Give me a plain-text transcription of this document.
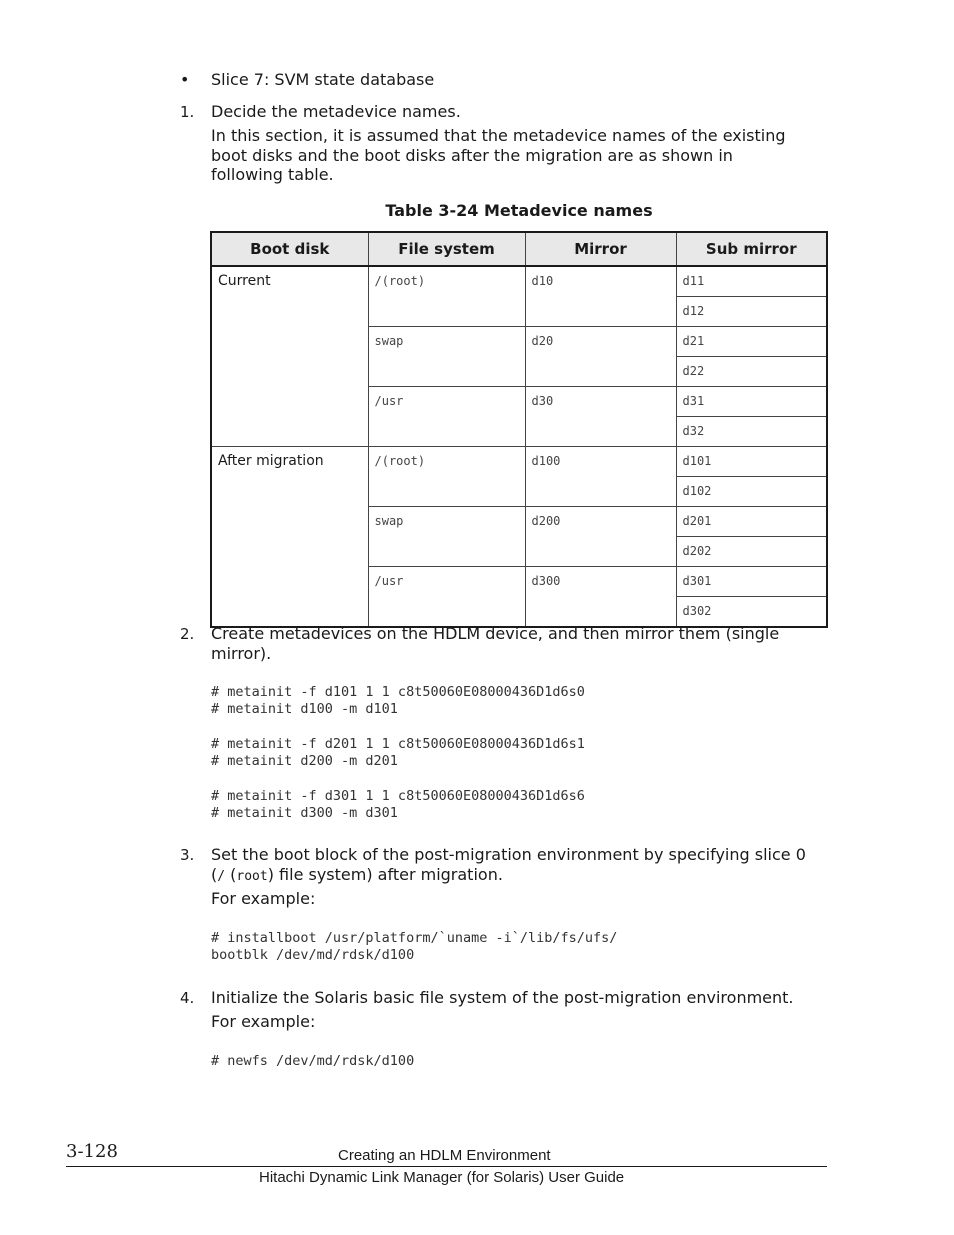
• Slice 7: SVM state database
1. Decide the metadevice names.
In this section, it is assumed that the metadevice names of the existing
boot disks and the boot disks after the migration are as shown in
following table.
Table 3-24 Metadevice names
Boot disk	File system	Mirror	Sub mirror
Current	/(root)	d10	d11
			d12
	swap	d20	d21
			d22
	/usr	d30	d31
			d32
After migration	/(root)	d100	d101
			d102
	swap	d200	d201
			d202
	/usr	d300	d301
			d302
2. Create metadevices on the HDLM device, and then mirror them (single
mirror).
# metainit -f d101 1 1 c8t50060E08000436D1d6s0
# metainit d100 -m d101

# metainit -f d201 1 1 c8t50060E08000436D1d6s1
# metainit d200 -m d201

# metainit -f d301 1 1 c8t50060E08000436D1d6s6
# metainit d300 -m d301
3. Set the boot block of the post-migration environment by specifying slice 0
(/ (root) file system) after migration.
For example:
# installboot /usr/platform/`uname -i`/lib/fs/ufs/
bootblk /dev/md/rdsk/d100
4. Initialize the Solaris basic file system of the post-migration environment.
For example:
# newfs /dev/md/rdsk/d100
3-128	Creating an HDLM Environment
Hitachi Dynamic Link Manager (for Solaris) User Guide
